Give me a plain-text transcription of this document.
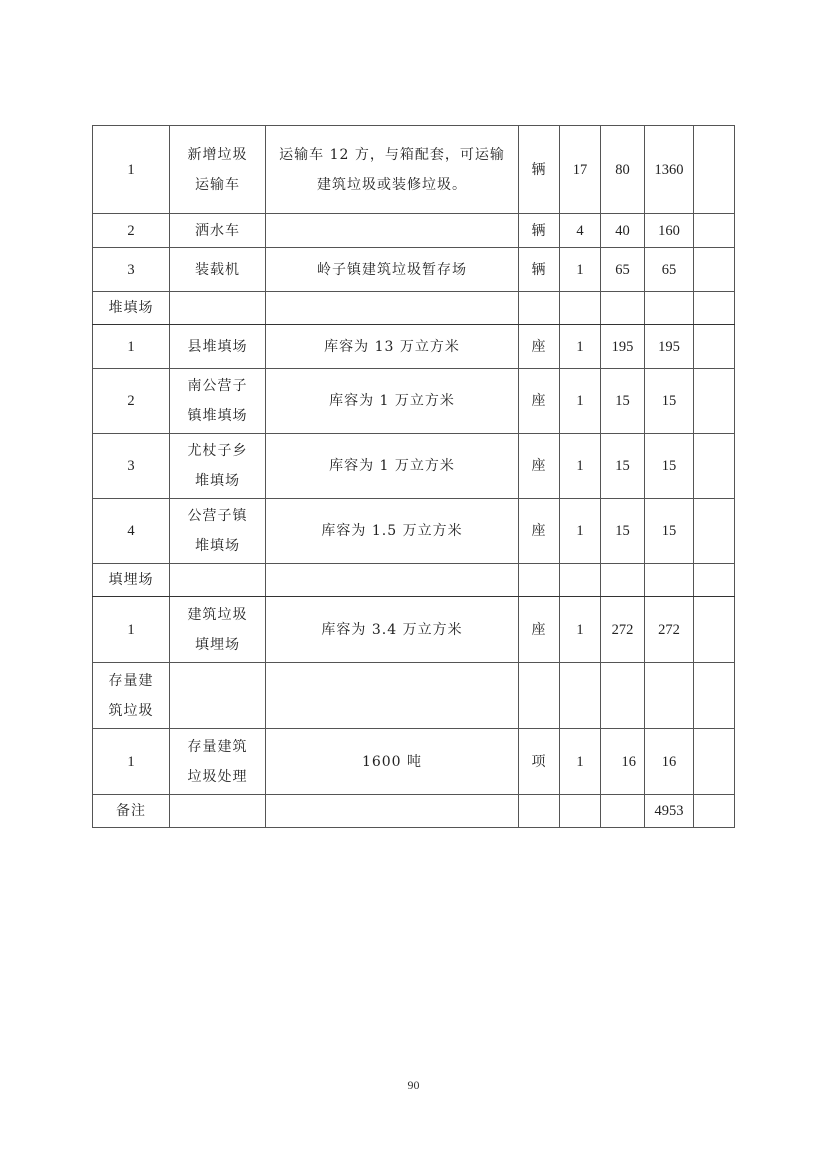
1	新增垃圾运输车	运输车 12 方，与箱配套，可运输建筑垃圾或装修垃圾。	辆	17	80	1360	
2	洒水车		辆	4	40	160	
3	装载机	岭子镇建筑垃圾暂存场	辆	1	65	65	
堆填场							
1	县堆填场	库容为 13 万立方米	座	1	195	195	
2	南公营子镇堆填场	库容为 1 万立方米	座	1	15	15	
3	尤杖子乡堆填场	库容为 1 万立方米	座	1	15	15	
4	公营子镇堆填场	库容为 1.5 万立方米	座	1	15	15	
填埋场							
1	建筑垃圾填埋场	库容为 3.4 万立方米	座	1	272	272	
存量建筑垃圾							
1	存量建筑垃圾处理	1600 吨	项	1	16	16	
备注						4953	
90
